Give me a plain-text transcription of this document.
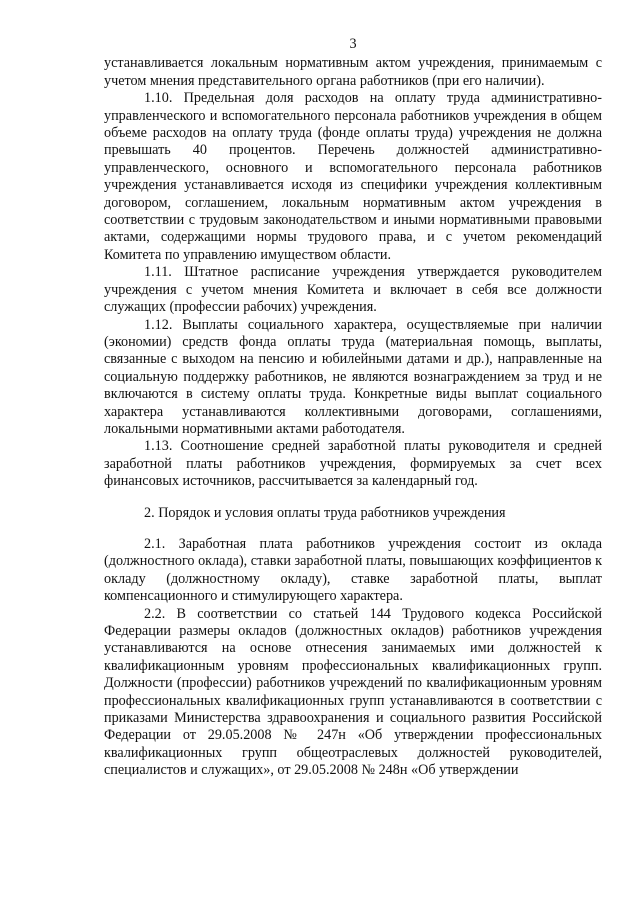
3

устанавливается локальным нормативным актом учреждения, принимаемым с учетом мнения представительного органа работников (при его наличии).

1.10. Предельная доля расходов на оплату труда административно-управленческого и вспомогательного персонала работников учреждения в общем объеме расходов на оплату труда (фонде оплаты труда) учреждения не должна превышать 40 процентов. Перечень должностей административно-управленческого, основного и вспомогательного персонала работников учреждения устанавливается исходя из специфики учреждения коллективным договором, соглашением, локальным нормативным актом учреждения в соответствии с трудовым законодательством и иными нормативными правовыми актами, содержащими нормы трудового права, и с учетом рекомендаций Комитета по управлению имуществом области.

1.11. Штатное расписание учреждения утверждается руководителем учреждения с учетом мнения Комитета и включает в себя все должности служащих (профессии рабочих) учреждения.

1.12. Выплаты социального характера, осуществляемые при наличии (экономии) средств фонда оплаты труда (материальная помощь, выплаты, связанные с выходом на пенсию и юбилейными датами и др.), направленные на социальную поддержку работников, не являются вознаграждением за труд и не включаются в систему оплаты труда. Конкретные виды выплат социального характера устанавливаются коллективными договорами, соглашениями, локальными нормативными актами работодателя.

1.13. Соотношение средней заработной платы руководителя и средней заработной платы работников учреждения, формируемых за счет всех финансовых источников, рассчитывается за календарный год.

2. Порядок и условия оплаты труда работников учреждения

2.1. Заработная плата работников учреждения состоит из оклада (должностного оклада), ставки заработной платы, повышающих коэффициентов к окладу (должностному окладу), ставке заработной платы, выплат компенсационного и стимулирующего характера.

2.2. В соответствии со статьей 144 Трудового кодекса Российской Федерации размеры окладов (должностных окладов) работников учреждения устанавливаются на основе отнесения занимаемых ими должностей к квалификационным уровням профессиональных квалификационных групп. Должности (профессии) работников учреждений по квалификационным уровням профессиональных квалификационных групп устанавливаются в соответствии с приказами Министерства здравоохранения и социального развития Российской Федерации от 29.05.2008 № 247н «Об утверждении профессиональных квалификационных групп общеотраслевых должностей руководителей, специалистов и служащих», от 29.05.2008 № 248н «Об утверждении
